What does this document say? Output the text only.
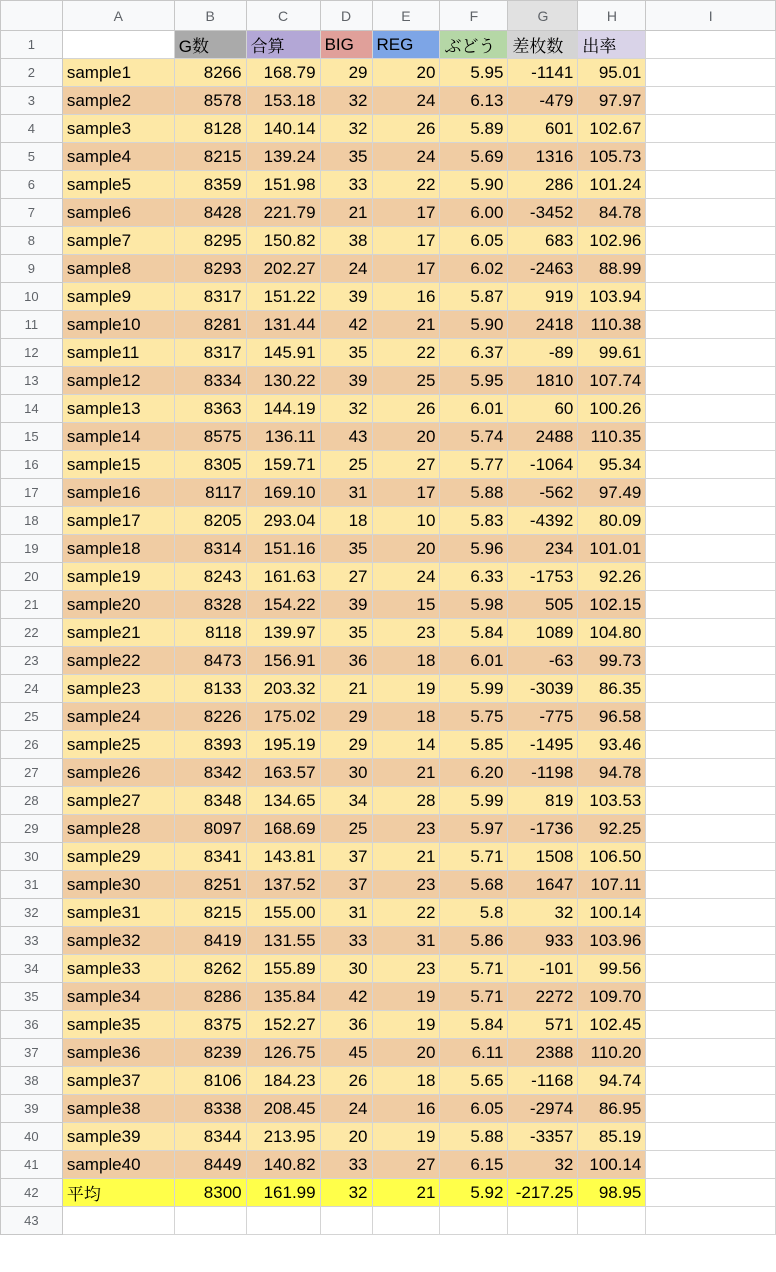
	A	B	C	D	E	F	G	H	I
1		G数	合算	BIG	REG	ぶどう	差枚数	出率	
2	sample1	8266	168.79	29	20	5.95	-1141	95.01	
3	sample2	8578	153.18	32	24	6.13	-479	97.97	
4	sample3	8128	140.14	32	26	5.89	601	102.67	
5	sample4	8215	139.24	35	24	5.69	1316	105.73	
6	sample5	8359	151.98	33	22	5.90	286	101.24	
7	sample6	8428	221.79	21	17	6.00	-3452	84.78	
8	sample7	8295	150.82	38	17	6.05	683	102.96	
9	sample8	8293	202.27	24	17	6.02	-2463	88.99	
10	sample9	8317	151.22	39	16	5.87	919	103.94	
11	sample10	8281	131.44	42	21	5.90	2418	110.38	
12	sample11	8317	145.91	35	22	6.37	-89	99.61	
13	sample12	8334	130.22	39	25	5.95	1810	107.74	
14	sample13	8363	144.19	32	26	6.01	60	100.26	
15	sample14	8575	136.11	43	20	5.74	2488	110.35	
16	sample15	8305	159.71	25	27	5.77	-1064	95.34	
17	sample16	8117	169.10	31	17	5.88	-562	97.49	
18	sample17	8205	293.04	18	10	5.83	-4392	80.09	
19	sample18	8314	151.16	35	20	5.96	234	101.01	
20	sample19	8243	161.63	27	24	6.33	-1753	92.26	
21	sample20	8328	154.22	39	15	5.98	505	102.15	
22	sample21	8118	139.97	35	23	5.84	1089	104.80	
23	sample22	8473	156.91	36	18	6.01	-63	99.73	
24	sample23	8133	203.32	21	19	5.99	-3039	86.35	
25	sample24	8226	175.02	29	18	5.75	-775	96.58	
26	sample25	8393	195.19	29	14	5.85	-1495	93.46	
27	sample26	8342	163.57	30	21	6.20	-1198	94.78	
28	sample27	8348	134.65	34	28	5.99	819	103.53	
29	sample28	8097	168.69	25	23	5.97	-1736	92.25	
30	sample29	8341	143.81	37	21	5.71	1508	106.50	
31	sample30	8251	137.52	37	23	5.68	1647	107.11	
32	sample31	8215	155.00	31	22	5.8	32	100.14	
33	sample32	8419	131.55	33	31	5.86	933	103.96	
34	sample33	8262	155.89	30	23	5.71	-101	99.56	
35	sample34	8286	135.84	42	19	5.71	2272	109.70	
36	sample35	8375	152.27	36	19	5.84	571	102.45	
37	sample36	8239	126.75	45	20	6.11	2388	110.20	
38	sample37	8106	184.23	26	18	5.65	-1168	94.74	
39	sample38	8338	208.45	24	16	6.05	-2974	86.95	
40	sample39	8344	213.95	20	19	5.88	-3357	85.19	
41	sample40	8449	140.82	33	27	6.15	32	100.14	
42	平均	8300	161.99	32	21	5.92	-217.25	98.95	
43									
